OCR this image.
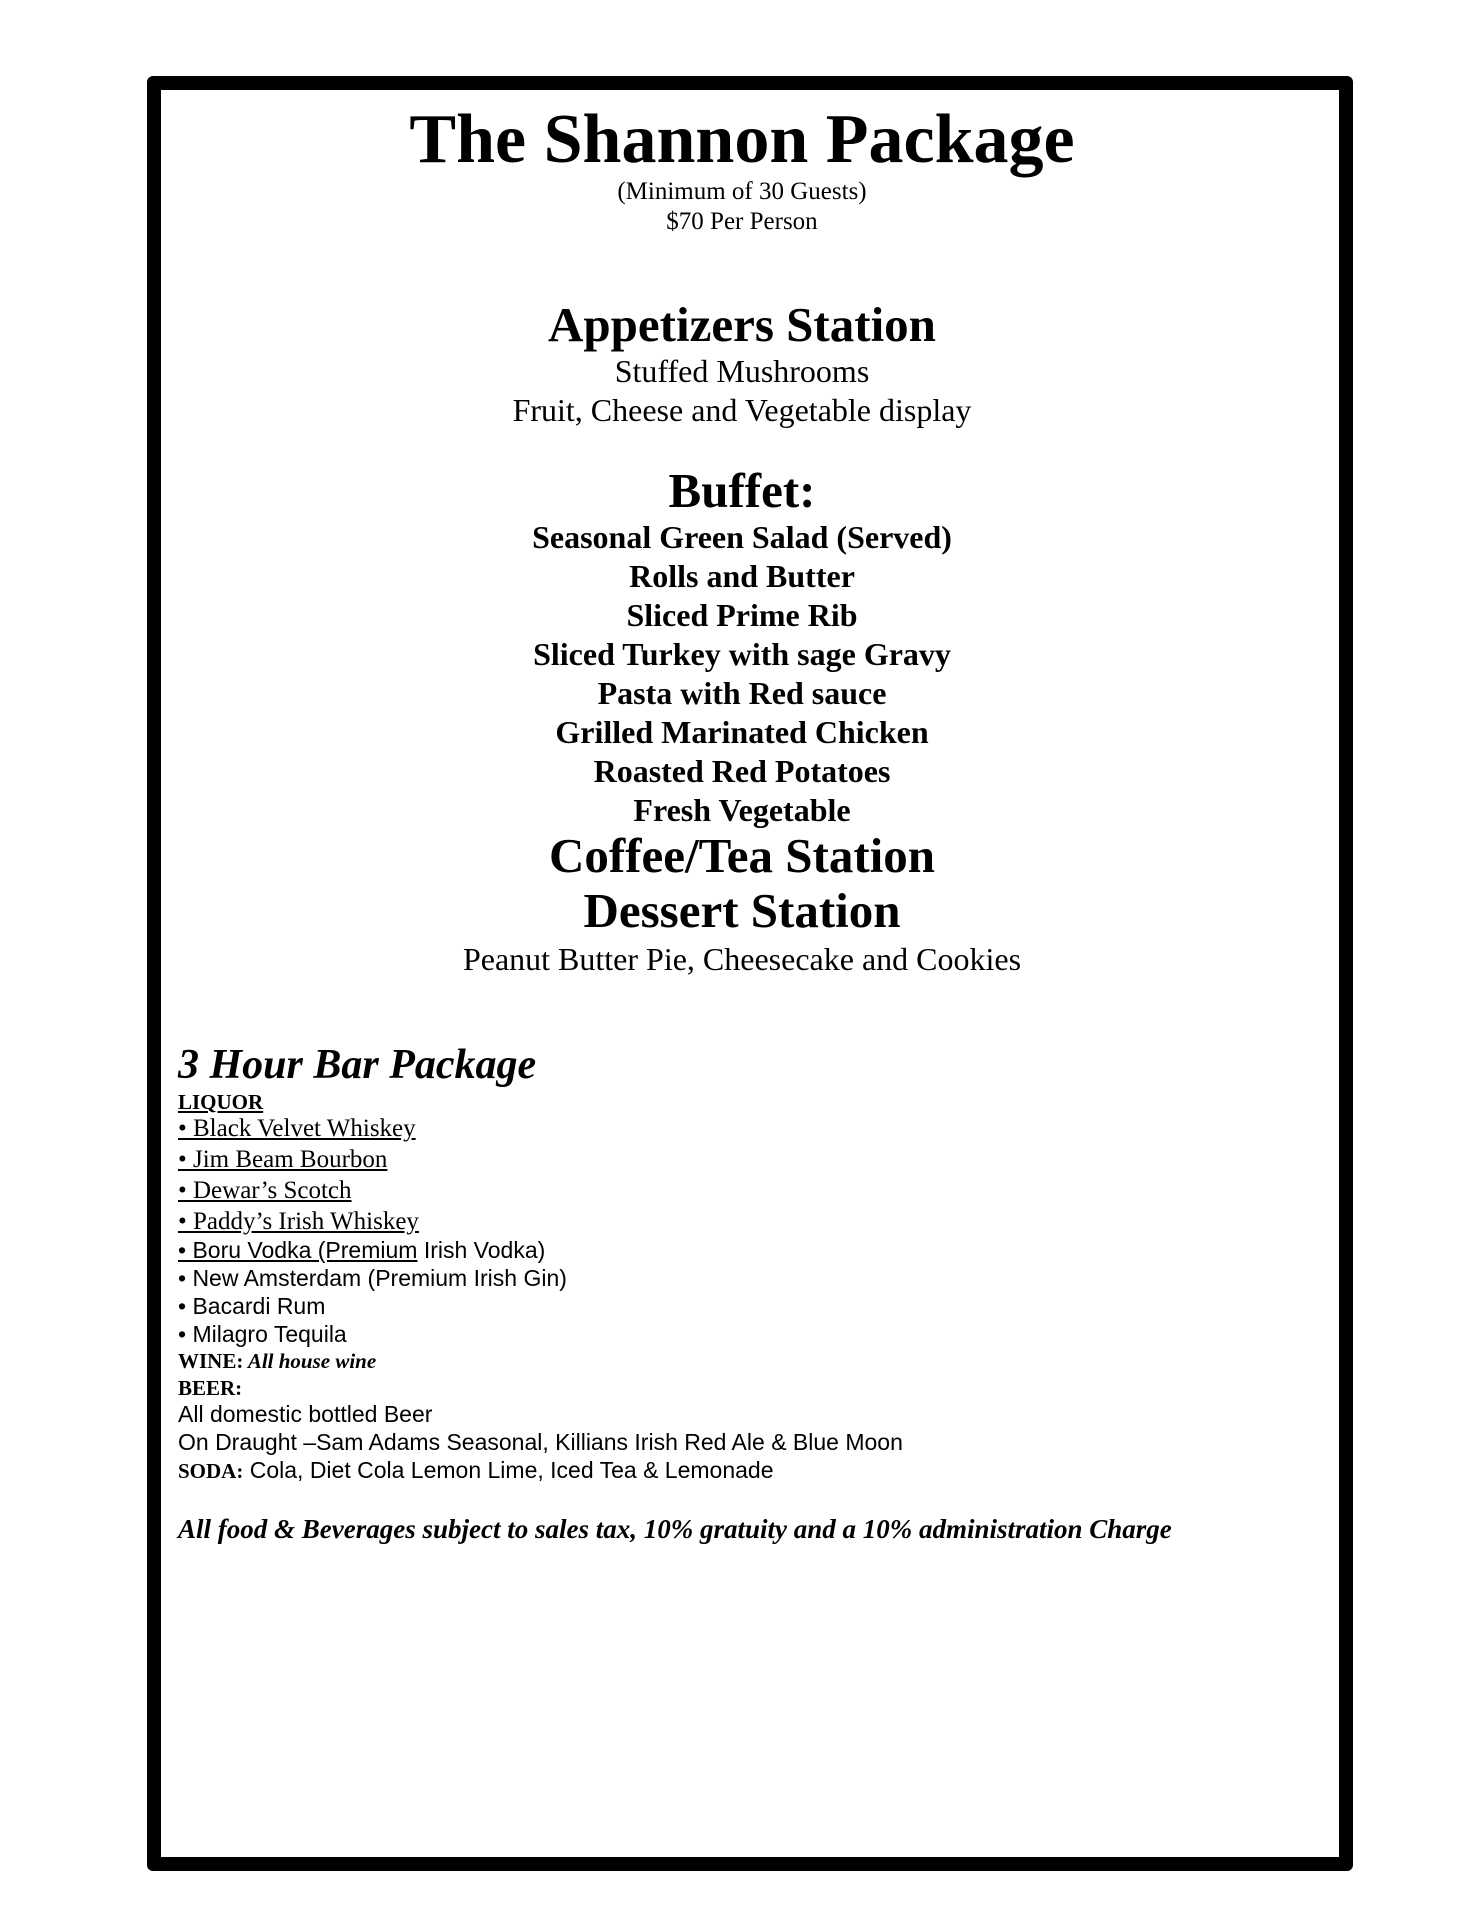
The Shannon Package
(Minimum of 30 Guests)
$70 Per Person
Appetizers Station
Stuffed Mushrooms
Fruit, Cheese and Vegetable display
Buffet:
Seasonal Green Salad (Served)
Rolls and Butter
Sliced Prime Rib
Sliced Turkey with sage Gravy
Pasta with Red sauce
Grilled Marinated Chicken
Roasted Red Potatoes
Fresh Vegetable
Coffee/Tea Station
Dessert Station
Peanut Butter Pie, Cheesecake and Cookies
3 Hour Bar Package
LIQUOR
• Black Velvet Whiskey
• Jim Beam Bourbon
• Dewar’s Scotch
• Paddy’s Irish Whiskey
• Boru Vodka (Premium Irish Vodka)
• New Amsterdam (Premium Irish Gin)
• Bacardi Rum
• Milagro Tequila
WINE: All house wine
BEER:
All domestic bottled Beer
On Draught –Sam Adams Seasonal, Killians Irish Red Ale & Blue Moon
SODA: Cola, Diet Cola Lemon Lime, Iced Tea & Lemonade
All food & Beverages subject to sales tax, 10% gratuity and a 10% administration Charge
